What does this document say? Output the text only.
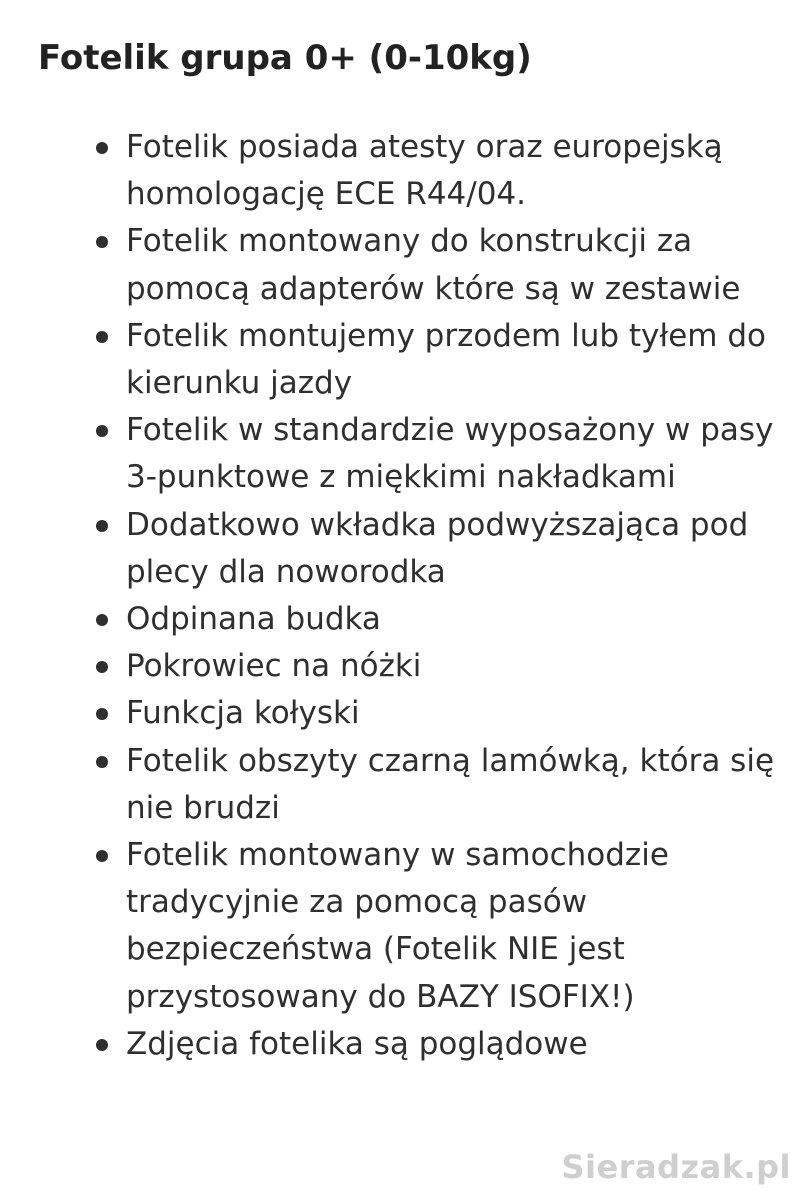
Fotelik grupa 0+ (0-10kg)
Fotelik posiada atesty oraz europejską homologację ECE R44/04.
Fotelik montowany do konstrukcji za pomocą adapterów które są w zestawie
Fotelik montujemy przodem lub tyłem do kierunku jazdy
Fotelik w standardzie wyposażony w pasy 3-punktowe z miękkimi nakładkami
Dodatkowo wkładka podwyższająca pod plecy dla noworodka
Odpinana budka
Pokrowiec na nóżki
Funkcja kołyski
Fotelik obszyty czarną lamówką, która się nie brudzi
Fotelik montowany w samochodzie tradycyjnie za pomocą pasów bezpieczeństwa (Fotelik NIE jest przystosowany do BAZY ISOFIX!)
Zdjęcia fotelika są poglądowe
Sieradzak.pl
